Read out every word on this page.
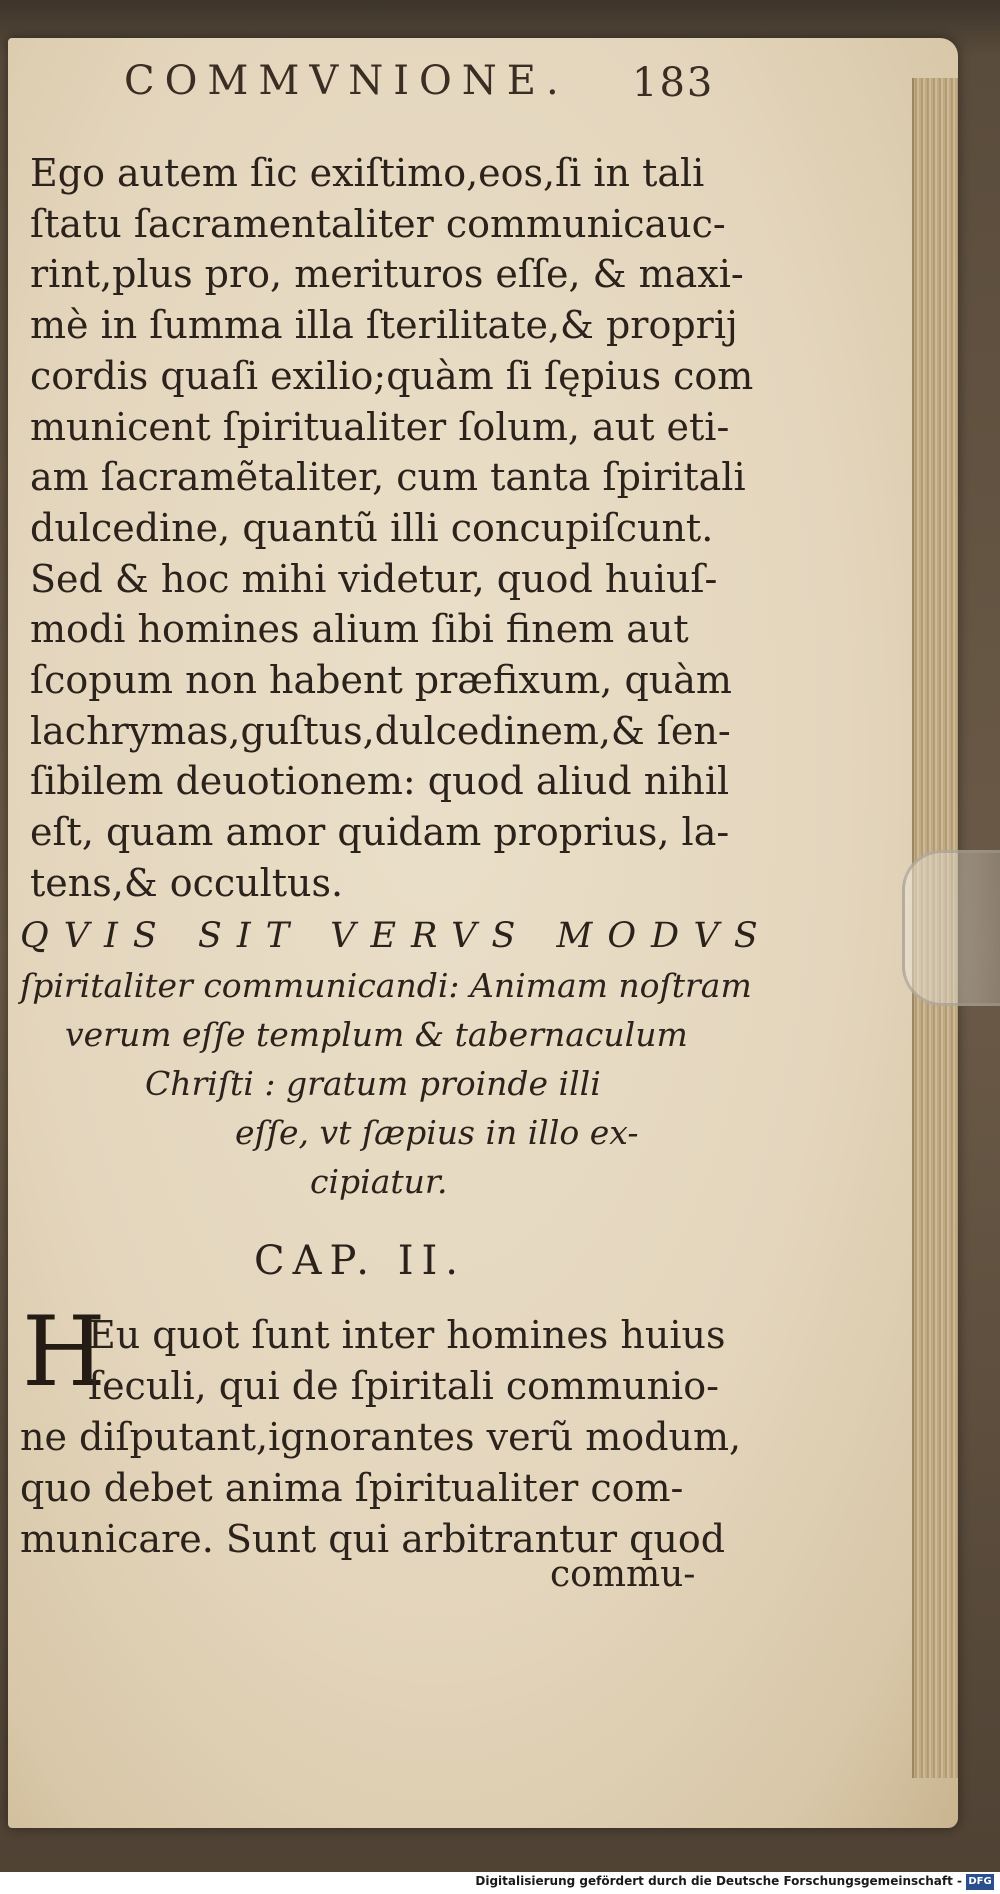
COMMVNIONE. 183
Ego autem ſic exiſtimo,eos,ſi in tali
ſtatu ſacramentaliter communicauc-
rint,plus pro, merituros eſſe, & maxi-
mè in ſumma illa ſterilitate,& proprij
cordis quaſi exilio;quàm ſi ſępius com
municent ſpiritualiter ſolum, aut eti-
am ſacramẽtaliter, cum tanta ſpiritali
dulcedine, quantũ illi concupiſcunt.
Sed & hoc mihi videtur, quod huiuſ-
modi homines alium ſibi finem aut
ſcopum non habent præfixum, quàm
lachrymas,guſtus,dulcedinem,& ſen-
ſibilem deuotionem: quod aliud nihil
eſt, quam amor quidam proprius, la-
tens,& occultus.
QVIS SIT VERVS MODVS
ſpiritaliter communicandi: Animam noſtram
verum eſſe templum & tabernaculum
Chriſti : gratum proinde illi
eſſe, vt ſæpius in illo ex-
cipiatur.
CAP. II.
H
Eu quot ſunt inter homines huius
ſeculi, qui de ſpiritali communio-
ne diſputant,ignorantes verũ modum,
quo debet anima ſpiritualiter com-
municare. Sunt qui arbitrantur quod
commu-
Digitalisierung gefördert durch die Deutsche Forschungsgemeinschaft - DFG
